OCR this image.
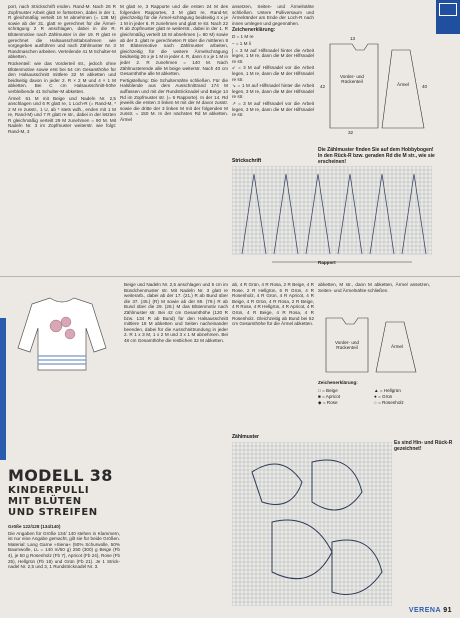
port, nach Strickschrift enden. Rand-M. Nach 26 R Zopfmuster Arbeit glatt re fortsetzen, dabei in der 1. R gleichmäßig verteilt 16 M abnehmen (= 138 M) sowie ab der 31. glatt re gerechnet für die Ärmel-schrägung 2 R anschlagen, dabei in die R. Blütenmotive nach Zählmuster in der 19. R glatt re gerechnet die Halsausschnittabnahmen wie vorgegeben ausführen und nach Zählmuster Nr. 3 Randmaschen arbeiten. Verteilende 41 M Schulter-M abketten.

Rückenteil: wie das Vorderteil str., jedoch ohne Blütenmotive sowie erst bei 54 cm Gesamthöhe für den Halsausschnitt mittlere 32 M abketten und beidseitig davon in jeder 2. R × 2 M und 4 × 1 M abketten. Bei C cm Halsausschnitt-höhe verbleibende 41 Schulter-M abketten.

Ärmel: 61 M mit Beige und Nadeln Nr. 2,5 anschlagen und 6 R glatt re, 1 Loch-R (= Rand-M, * 2 M re zusstr., 1 U, ab * stets wdh., enden mit 1 M re, Rand-M) und 7 R glatt re str., dabei in der letzten R gleichmäßig verteilt 29 M zunehmen = 90 M. Mit Nadeln Nr. 3 im Zopfmuster weiterstr. wie folgt: Rand-M, 3

M glatt re, 3 Rapporte und die ersten 24 M des folgenden Rapportes, 3 M glatt re, Rand-M; gleichzeitig für die Ärmel-schrägung beidseitig 4 x je 1 M in jeder 6. R zunehmen und glatt re str. Nach 22 R ab Zopfmuster glatt re weiterstr., dabei in der 1. R gleichmäßig verteilt 18 M abnehmen (= 80 M) sowie ab der 3. glatt re gerechneten R über die mittleren 8 M Blütenmotive nach Zählmuster arbeiten, gleichzeitig für die weitere Ärmelschrägung beidseitig 26 x je 1 M in jeder 4. R, dann 4 x je 1 M in jeder 2. R zunehmen = 140 M. Nach Zählmusterende alle M beige weiterstr. Nach 40 cm Gesamthöhe alle M abketten.

Fertigstellung: Die Schulternähte schließen. Für die Halsblende aus dem Ausschnittrand 174 M auffassen und mit der Rundstricknadel und Beige 14 Rd im Zopfmuster str. (= 6 Rapporte). In der 14. Rd jeweils die ersten 3 linken M mit der M davor zusstr. sowie die dritte der 3 linken M mit der folgenden M zusstr. = 150 M. In der nächsten Rd M abketten. Ärmel

ansetzen, Seiten- und Ärmelnähte schließen. Untere Pulliversaum und Ärmelränder am Ende der Loch-R nach innen umlegen und gegennähen.

Zeichenerklärung:

D = 1 M re

– = 1 M li

∫ = 3 M auf Hilfsnadel hinter die Arbeit legen, 1 M re, dann die M der Hilfsnadel re str.

↙ = 3 M auf Hilfsnadel vor die Arbeit legen, 1 M re, dann die M der Hilfsnadel re str.

↘ = 1 M auf Hilfsnadel hinter die Arbeit legen, 3 M re, dann die M der Hilfsnadel re str.

↗ = 3 M auf Hilfsnadel vor die Arbeit legen, 3 M re, dann die M der Hilfsnadel re str.

Vorder- und Rückenteil
Ärmel
32
42
13
40
Die Zählmuster finden Sie auf dem Hobbybogen! In den Rück-R bzw. geraden Rd die M str., wie sie erscheinen!
Strickschrift
Rapport
MODELL 38
KINDERPULLI
MIT BLÜTEN
UND STREIFEN

Größe 122/128 (134/140)

Die Angaben für Größe 134/ 140 stehen in Klammern, ist nur eine Angabe gemacht, gilt sie für beide Größen. Material: Lang Garne »Siena« (50% Schurwolle, 50% Baumwolle, LL = 140 m/50 g) 250 (300) g Beige (Fb 4), je 50 g Rosenholz (Fb 7), Apricot (Fb 24), Rose (Fb 25), Hellgrün (Fb 18) und Grün (Fb 21). Je 1 Strick-nadel Nr. 2,5 und 3, 1 Rundstricknadel Nr. 3.

Beige und Nadeln Nr. 2,5 anschlagen und 5 cm im Bündchenmuster str. Mit Nadeln Nr. 3 glatt re weiterarb., dabei ab der 17. (21.) R ab Bund über die 37. (45.) (R) M sowie ab der 69. (79.) R ab Bund über die 29. (28.) M das Blütenmotiv nach Zählmuster str. Bei 42 cm Gesamthöhe (120 R bzw. 134 R ab Bund) für den Halsausschnitt mittlere 18 M abketten und Seiten nacheinander beenden, dabei für die Ausschnittrundung in jeder 2. R 1 x 3 M, 1 x 2 M und 3 x 1 M abnehmen. Bei 48 cm Gesamthöhe die restlichen 32 M abketten.

ab, 4 R Grün, 4 R Rosa, 2 R Beige, 4 R Rose, 2 R Hellgrün, 6 R Grün, 4 R Rosenholz, 4 R Grün, 4 R Apricot, 4 R Beige, 4 R Grün, 4 R Rosa, 2 R Beige, 4 R Rose, 4 R Hellgrün, 4 R Apricot, 4 R Grün, 4 R Beige, 4 R Rosa, 4 R Rosenholz. Gleichzeitig ab Bund bei 52 cm Gesamthöhe für die Ärmel abketten.

abketten, M str., dann M abketten, Ärmel ansetzen, Seiten- und Ärmelnähte schließen.

Vorder- und Rückenteil	Ärmel
Zeichenerklärung:
□ = Beige
■ = Apricot
◆ = Rose
▲ = Hellgrün
● = Grün
○ = Rosenholz
Zählmuster
Es sind Hin- und Rück-R gezeichnet!
VERENA 91
